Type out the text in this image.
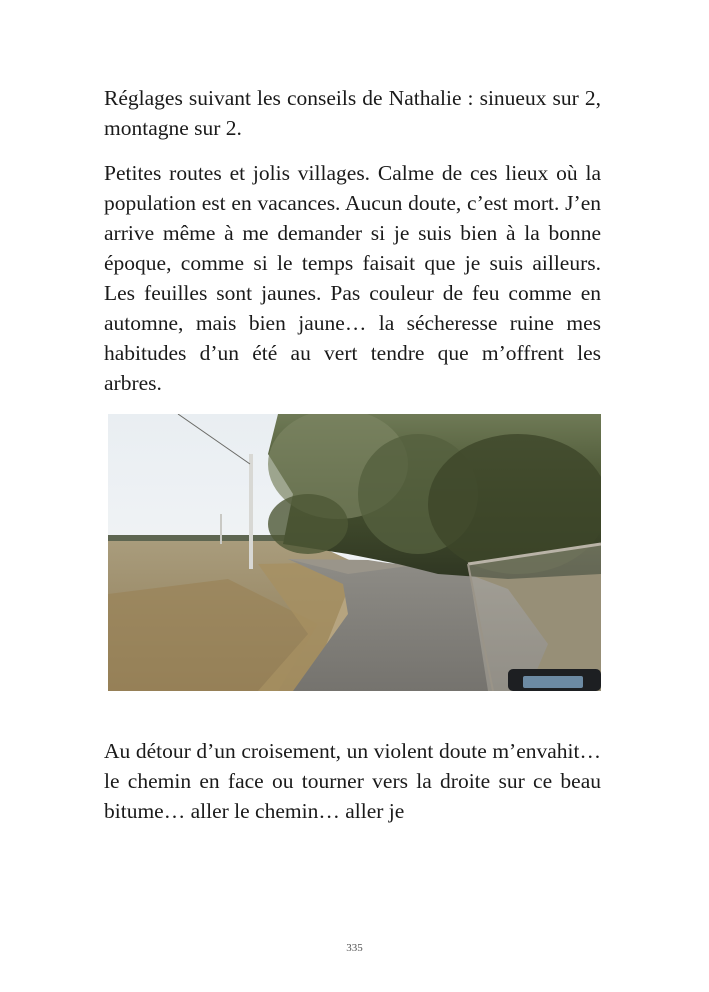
Réglages suivant les conseils de Nathalie : sinueux sur 2, montagne sur 2.

Petites routes et jolis villages. Calme de ces lieux où la population est en vacances. Aucun doute, c’est mort. J’en arrive même à me demander si je suis bien à la bonne époque, comme si le temps faisait que je suis ailleurs. Les feuilles sont jaunes. Pas couleur de feu comme en automne, mais bien jaune… la sécheresse ruine mes habitudes d’un été au vert tendre que m’offrent les arbres.

Au détour d’un croisement, un violent doute m’envahit… le chemin en face ou tourner vers la droite sur ce beau bitume… aller le chemin… aller je

335
